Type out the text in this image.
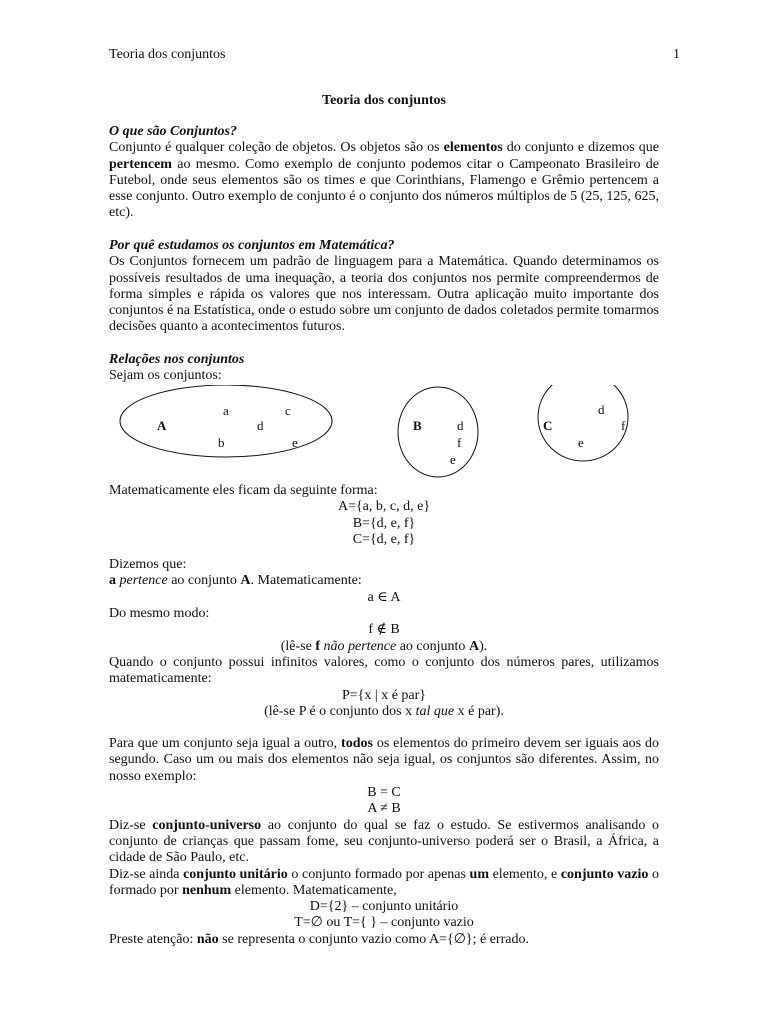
Teoria dos conjuntos	1
Teoria dos conjuntos
O que são Conjuntos?
Conjunto é qualquer coleção de objetos. Os objetos são os elementos do conjunto e dizemos que pertencem ao mesmo. Como exemplo de conjunto podemos citar o Campeonato Brasileiro de Futebol, onde seus elementos são os times e que Corinthians, Flamengo e Grêmio pertencem a esse conjunto. Outro exemplo de conjunto é o conjunto dos números múltiplos de 5 (25, 125, 625, etc).
Por quê estudamos os conjuntos em Matemática?
Os Conjuntos fornecem um padrão de linguagem para a Matemática. Quando determinamos os possíveis resultados de uma inequação, a teoria dos conjuntos nos permite compreendermos de forma simples e rápida os valores que nos interessam. Outra aplicação muito importante dos conjuntos é na Estatística, onde o estudo sobre um conjunto de dados coletados permite tomarmos decisões quanto a acontecimentos futuros.
Relações nos conjuntos
Sejam os conjuntos:
A
a	c
d
b	e
B	d
f
e
C
d
f
e
Matematicamente eles ficam da seguinte forma:
A={a, b, c, d, e}
B={d, e, f}
C={d, e, f}
Dizemos que:
a pertence ao conjunto A. Matematicamente:
a ∈ A
Do mesmo modo:
f ∉ B
(lê-se f não pertence ao conjunto A).
Quando o conjunto possui infinitos valores, como o conjunto dos números pares, utilizamos matematicamente:
P={x | x é par}
(lê-se P é o conjunto dos x tal que x é par).
Para que um conjunto seja igual a outro, todos os elementos do primeiro devem ser iguais aos do segundo. Caso um ou mais dos elementos não seja igual, os conjuntos são diferentes. Assim, no nosso exemplo:
B = C
A ≠ B
Diz-se conjunto-universo ao conjunto do qual se faz o estudo. Se estivermos analisando o conjunto de crianças que passam fome, seu conjunto-universo poderá ser o Brasil, a África, a cidade de São Paulo, etc.
Diz-se ainda conjunto unitário o conjunto formado por apenas um elemento, e conjunto vazio o formado por nenhum elemento. Matematicamente,
D={2} – conjunto unitário
T=∅ ou T={ } – conjunto vazio
Preste atenção: não se representa o conjunto vazio como A={∅}; é errado.
